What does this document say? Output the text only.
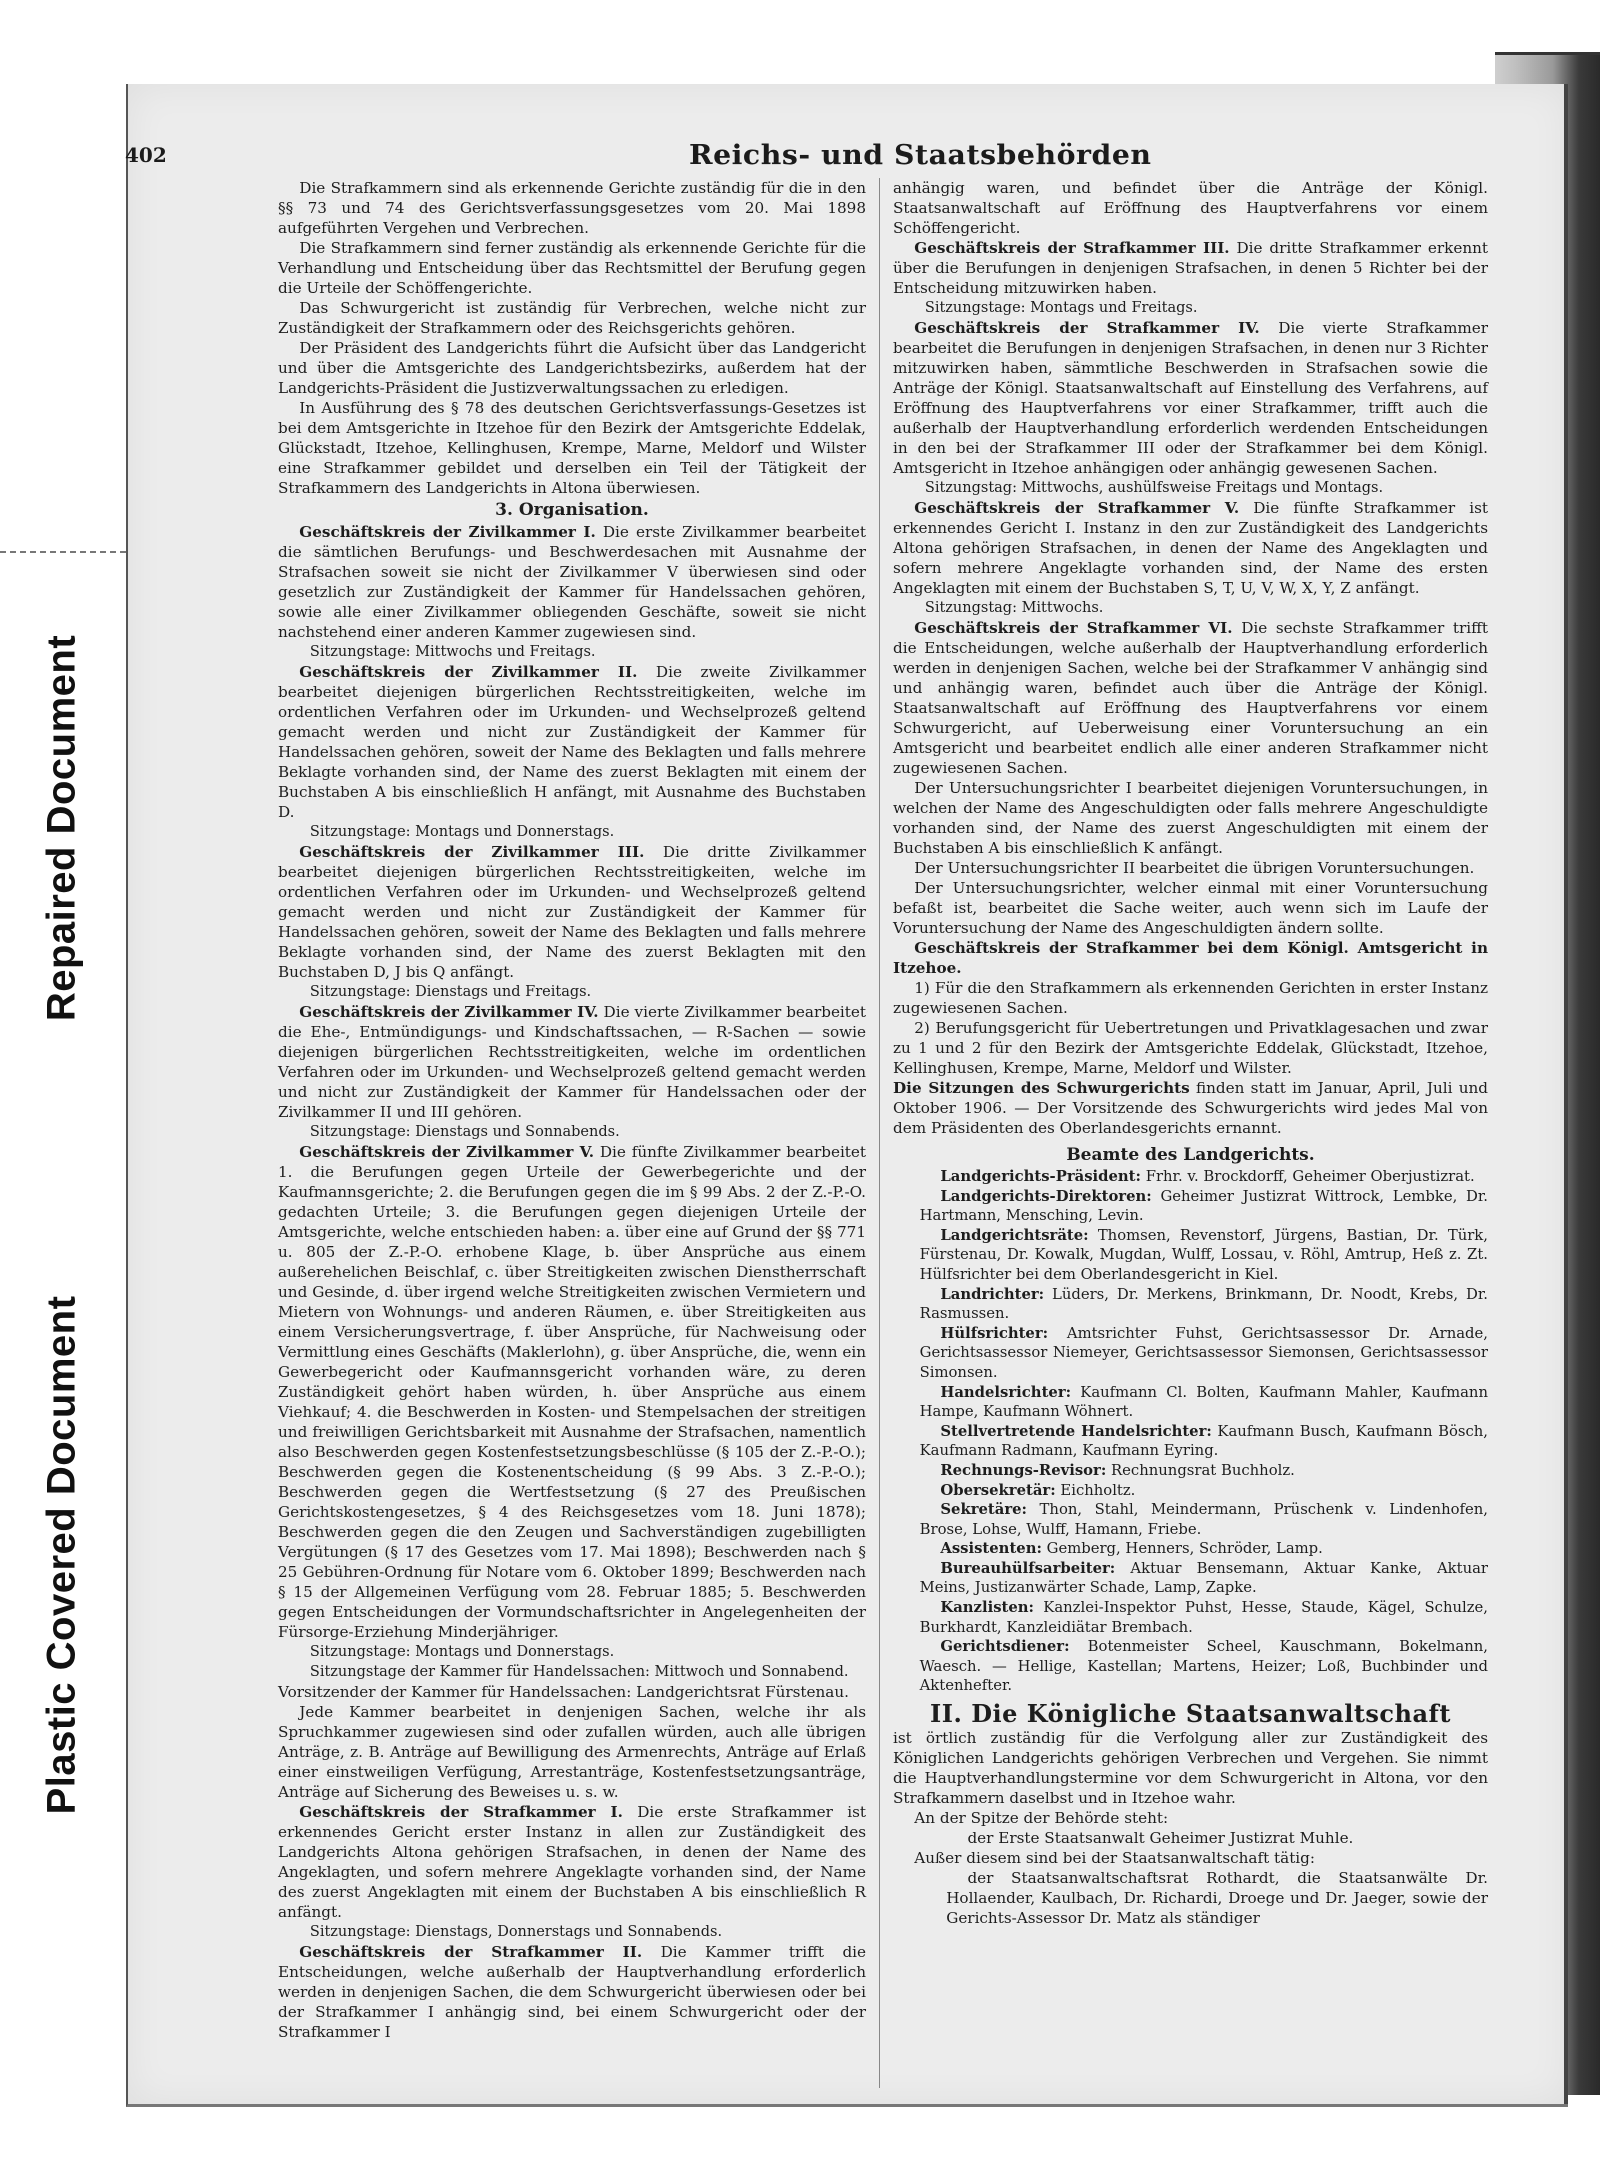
Repaired Document
Plastic Covered Document
402	Reichs- und Staatsbehörden

Die Strafkammern sind als erkennende Gerichte zuständig für die in den §§ 73 und 74 des Gerichtsverfassungsgesetzes vom 20. Mai 1898 aufgeführten Vergehen und Verbrechen.

Die Strafkammern sind ferner zuständig als erkennende Gerichte für die Verhandlung und Entscheidung über das Rechtsmittel der Berufung gegen die Urteile der Schöffengerichte.

Das Schwurgericht ist zuständig für Verbrechen, welche nicht zur Zuständigkeit der Strafkammern oder des Reichsgerichts gehören.

Der Präsident des Landgerichts führt die Aufsicht über das Landgericht und über die Amtsgerichte des Landgerichtsbezirks, außerdem hat der Landgerichts-Präsident die Justizverwaltungssachen zu erledigen.

In Ausführung des § 78 des deutschen Gerichtsverfassungs-Gesetzes ist bei dem Amtsgerichte in Itzehoe für den Bezirk der Amtsgerichte Eddelak, Glückstadt, Itzehoe, Kellinghusen, Krempe, Marne, Meldorf und Wilster eine Strafkammer gebildet und derselben ein Teil der Tätigkeit der Strafkammern des Landgerichts in Altona überwiesen.

3. Organisation.

Geschäftskreis der Zivilkammer I. Die erste Zivilkammer bearbeitet die sämtlichen Berufungs- und Beschwerdesachen mit Ausnahme der Strafsachen soweit sie nicht der Zivilkammer V überwiesen sind oder gesetzlich zur Zuständigkeit der Kammer für Handelssachen gehören, sowie alle einer Zivilkammer obliegenden Geschäfte, soweit sie nicht nachstehend einer anderen Kammer zugewiesen sind.

Sitzungstage: Mittwochs und Freitags.

Geschäftskreis der Zivilkammer II. Die zweite Zivilkammer bearbeitet diejenigen bürgerlichen Rechtsstreitigkeiten, welche im ordentlichen Verfahren oder im Urkunden- und Wechselprozeß geltend gemacht werden und nicht zur Zuständigkeit der Kammer für Handelssachen gehören, soweit der Name des Beklagten und falls mehrere Beklagte vorhanden sind, der Name des zuerst Beklagten mit einem der Buchstaben A bis einschließlich H anfängt, mit Ausnahme des Buchstaben D.

Sitzungstage: Montags und Donnerstags.

Geschäftskreis der Zivilkammer III. Die dritte Zivilkammer bearbeitet diejenigen bürgerlichen Rechtsstreitigkeiten, welche im ordentlichen Verfahren oder im Urkunden- und Wechselprozeß geltend gemacht werden und nicht zur Zuständigkeit der Kammer für Handelssachen gehören, soweit der Name des Beklagten und falls mehrere Beklagte vorhanden sind, der Name des zuerst Beklagten mit den Buchstaben D, J bis Q anfängt.

Sitzungstage: Dienstags und Freitags.

Geschäftskreis der Zivilkammer IV. Die vierte Zivilkammer bearbeitet die Ehe-, Entmündigungs- und Kindschaftssachen, — R-Sachen — sowie diejenigen bürgerlichen Rechtsstreitigkeiten, welche im ordentlichen Verfahren oder im Urkunden- und Wechselprozeß geltend gemacht werden und nicht zur Zuständigkeit der Kammer für Handelssachen oder der Zivilkammer II und III gehören.

Sitzungstage: Dienstags und Sonnabends.

Geschäftskreis der Zivilkammer V. Die fünfte Zivilkammer bearbeitet 1. die Berufungen gegen Urteile der Gewerbegerichte und der Kaufmannsgerichte; 2. die Berufungen gegen die im § 99 Abs. 2 der Z.-P.-O. gedachten Urteile; 3. die Berufungen gegen diejenigen Urteile der Amtsgerichte, welche entschieden haben: a. über eine auf Grund der §§ 771 u. 805 der Z.-P.-O. erhobene Klage, b. über Ansprüche aus einem außerehelichen Beischlaf, c. über Streitigkeiten zwischen Dienstherrschaft und Gesinde, d. über irgend welche Streitigkeiten zwischen Vermietern und Mietern von Wohnungs- und anderen Räumen, e. über Streitigkeiten aus einem Versicherungsvertrage, f. über Ansprüche, für Nachweisung oder Vermittlung eines Geschäfts (Maklerlohn), g. über Ansprüche, die, wenn ein Gewerbegericht oder Kaufmannsgericht vorhanden wäre, zu deren Zuständigkeit gehört haben würden, h. über Ansprüche aus einem Viehkauf; 4. die Beschwerden in Kosten- und Stempelsachen der streitigen und freiwilligen Gerichtsbarkeit mit Ausnahme der Strafsachen, namentlich also Beschwerden gegen Kostenfestsetzungsbeschlüsse (§ 105 der Z.-P.-O.); Beschwerden gegen die Kostenentscheidung (§ 99 Abs. 3 Z.-P.-O.); Beschwerden gegen die Wertfestsetzung (§ 27 des Preußischen Gerichtskostengesetzes, § 4 des Reichsgesetzes vom 18. Juni 1878); Beschwerden gegen die den Zeugen und Sachverständigen zugebilligten Vergütungen (§ 17 des Gesetzes vom 17. Mai 1898); Beschwerden nach § 25 Gebühren-Ordnung für Notare vom 6. Oktober 1899; Beschwerden nach § 15 der Allgemeinen Verfügung vom 28. Februar 1885; 5. Beschwerden gegen Entscheidungen der Vormundschaftsrichter in Angelegenheiten der Fürsorge-Erziehung Minderjähriger.

Sitzungstage: Montags und Donnerstags.

Sitzungstage der Kammer für Handelssachen: Mittwoch und Sonnabend.

Vorsitzender der Kammer für Handelssachen: Landgerichtsrat Fürstenau.

Jede Kammer bearbeitet in denjenigen Sachen, welche ihr als Spruchkammer zugewiesen sind oder zufallen würden, auch alle übrigen Anträge, z. B. Anträge auf Bewilligung des Armenrechts, Anträge auf Erlaß einer einstweiligen Verfügung, Arrestanträge, Kostenfestsetzungsanträge, Anträge auf Sicherung des Beweises u. s. w.

Geschäftskreis der Strafkammer I. Die erste Strafkammer ist erkennendes Gericht erster Instanz in allen zur Zuständigkeit des Landgerichts Altona gehörigen Strafsachen, in denen der Name des Angeklagten, und sofern mehrere Angeklagte vorhanden sind, der Name des zuerst Angeklagten mit einem der Buchstaben A bis einschließlich R anfängt.

Sitzungstage: Dienstags, Donnerstags und Sonnabends.

Geschäftskreis der Strafkammer II. Die Kammer trifft die Entscheidungen, welche außerhalb der Hauptverhandlung erforderlich werden in denjenigen Sachen, die dem Schwurgericht überwiesen oder bei der Strafkammer I anhängig sind, bei einem Schwurgericht oder der Strafkammer I

anhängig waren, und befindet über die Anträge der Königl. Staatsanwaltschaft auf Eröffnung des Hauptverfahrens vor einem Schöffengericht.

Geschäftskreis der Strafkammer III. Die dritte Strafkammer erkennt über die Berufungen in denjenigen Strafsachen, in denen 5 Richter bei der Entscheidung mitzuwirken haben.

Sitzungstage: Montags und Freitags.

Geschäftskreis der Strafkammer IV. Die vierte Strafkammer bearbeitet die Berufungen in denjenigen Strafsachen, in denen nur 3 Richter mitzuwirken haben, sämmtliche Beschwerden in Strafsachen sowie die Anträge der Königl. Staatsanwaltschaft auf Einstellung des Verfahrens, auf Eröffnung des Hauptverfahrens vor einer Strafkammer, trifft auch die außerhalb der Hauptverhandlung erforderlich werdenden Entscheidungen in den bei der Strafkammer III oder der Strafkammer bei dem Königl. Amtsgericht in Itzehoe anhängigen oder anhängig gewesenen Sachen.

Sitzungstag: Mittwochs, aushülfsweise Freitags und Montags.

Geschäftskreis der Strafkammer V. Die fünfte Strafkammer ist erkennendes Gericht I. Instanz in den zur Zuständigkeit des Landgerichts Altona gehörigen Strafsachen, in denen der Name des Angeklagten und sofern mehrere Angeklagte vorhanden sind, der Name des ersten Angeklagten mit einem der Buchstaben S, T, U, V, W, X, Y, Z anfängt.

Sitzungstag: Mittwochs.

Geschäftskreis der Strafkammer VI. Die sechste Strafkammer trifft die Entscheidungen, welche außerhalb der Hauptverhandlung erforderlich werden in denjenigen Sachen, welche bei der Strafkammer V anhängig sind und anhängig waren, befindet auch über die Anträge der Königl. Staatsanwaltschaft auf Eröffnung des Hauptverfahrens vor einem Schwurgericht, auf Ueberweisung einer Voruntersuchung an ein Amtsgericht und bearbeitet endlich alle einer anderen Strafkammer nicht zugewiesenen Sachen.

Der Untersuchungsrichter I bearbeitet diejenigen Voruntersuchungen, in welchen der Name des Angeschuldigten oder falls mehrere Angeschuldigte vorhanden sind, der Name des zuerst Angeschuldigten mit einem der Buchstaben A bis einschließlich K anfängt.

Der Untersuchungsrichter II bearbeitet die übrigen Voruntersuchungen.

Der Untersuchungsrichter, welcher einmal mit einer Voruntersuchung befaßt ist, bearbeitet die Sache weiter, auch wenn sich im Laufe der Voruntersuchung der Name des Angeschuldigten ändern sollte.

Geschäftskreis der Strafkammer bei dem Königl. Amtsgericht in Itzehoe.

1) Für die den Strafkammern als erkennenden Gerichten in erster Instanz zugewiesenen Sachen.

2) Berufungsgericht für Uebertretungen und Privatklagesachen und zwar zu 1 und 2 für den Bezirk der Amtsgerichte Eddelak, Glückstadt, Itzehoe, Kellinghusen, Krempe, Marne, Meldorf und Wilster.

Die Sitzungen des Schwurgerichts finden statt im Januar, April, Juli und Oktober 1906. — Der Vorsitzende des Schwurgerichts wird jedes Mal von dem Präsidenten des Oberlandesgerichts ernannt.

Beamte des Landgerichts.

Landgerichts-Präsident: Frhr. v. Brockdorff, Geheimer Oberjustizrat.

Landgerichts-Direktoren: Geheimer Justizrat Wittrock, Lembke, Dr. Hartmann, Mensching, Levin.

Landgerichtsräte: Thomsen, Revenstorf, Jürgens, Bastian, Dr. Türk, Fürstenau, Dr. Kowalk, Mugdan, Wulff, Lossau, v. Röhl, Amtrup, Heß z. Zt. Hülfsrichter bei dem Oberlandesgericht in Kiel.

Landrichter: Lüders, Dr. Merkens, Brinkmann, Dr. Noodt, Krebs, Dr. Rasmussen.

Hülfsrichter: Amtsrichter Fuhst, Gerichtsassessor Dr. Arnade, Gerichtsassessor Niemeyer, Gerichtsassessor Siemonsen, Gerichtsassessor Simonsen.

Handelsrichter: Kaufmann Cl. Bolten, Kaufmann Mahler, Kaufmann Hampe, Kaufmann Wöhnert.

Stellvertretende Handelsrichter: Kaufmann Busch, Kaufmann Bösch, Kaufmann Radmann, Kaufmann Eyring.

Rechnungs-Revisor: Rechnungsrat Buchholz.

Obersekretär: Eichholtz.

Sekretäre: Thon, Stahl, Meindermann, Prüschenk v. Lindenhofen, Brose, Lohse, Wulff, Hamann, Friebe.

Assistenten: Gemberg, Henners, Schröder, Lamp.

Bureauhülfsarbeiter: Aktuar Bensemann, Aktuar Kanke, Aktuar Meins, Justizanwärter Schade, Lamp, Zapke.

Kanzlisten: Kanzlei-Inspektor Puhst, Hesse, Staude, Kägel, Schulze, Burkhardt, Kanzleidiätar Brembach.

Gerichtsdiener: Botenmeister Scheel, Kauschmann, Bokelmann, Waesch. — Hellige, Kastellan; Martens, Heizer; Loß, Buchbinder und Aktenhefter.

II. Die Königliche Staatsanwaltschaft

ist örtlich zuständig für die Verfolgung aller zur Zuständigkeit des Königlichen Landgerichts gehörigen Verbrechen und Vergehen. Sie nimmt die Hauptverhandlungstermine vor dem Schwurgericht in Altona, vor den Strafkammern daselbst und in Itzehoe wahr.

An der Spitze der Behörde steht:

der Erste Staatsanwalt Geheimer Justizrat Muhle.

Außer diesem sind bei der Staatsanwaltschaft tätig:

der Staatsanwaltschaftsrat Rothardt, die Staatsanwälte Dr. Hollaender, Kaulbach, Dr. Richardi, Droege und Dr. Jaeger, sowie der Gerichts-Assessor Dr. Matz als ständiger
